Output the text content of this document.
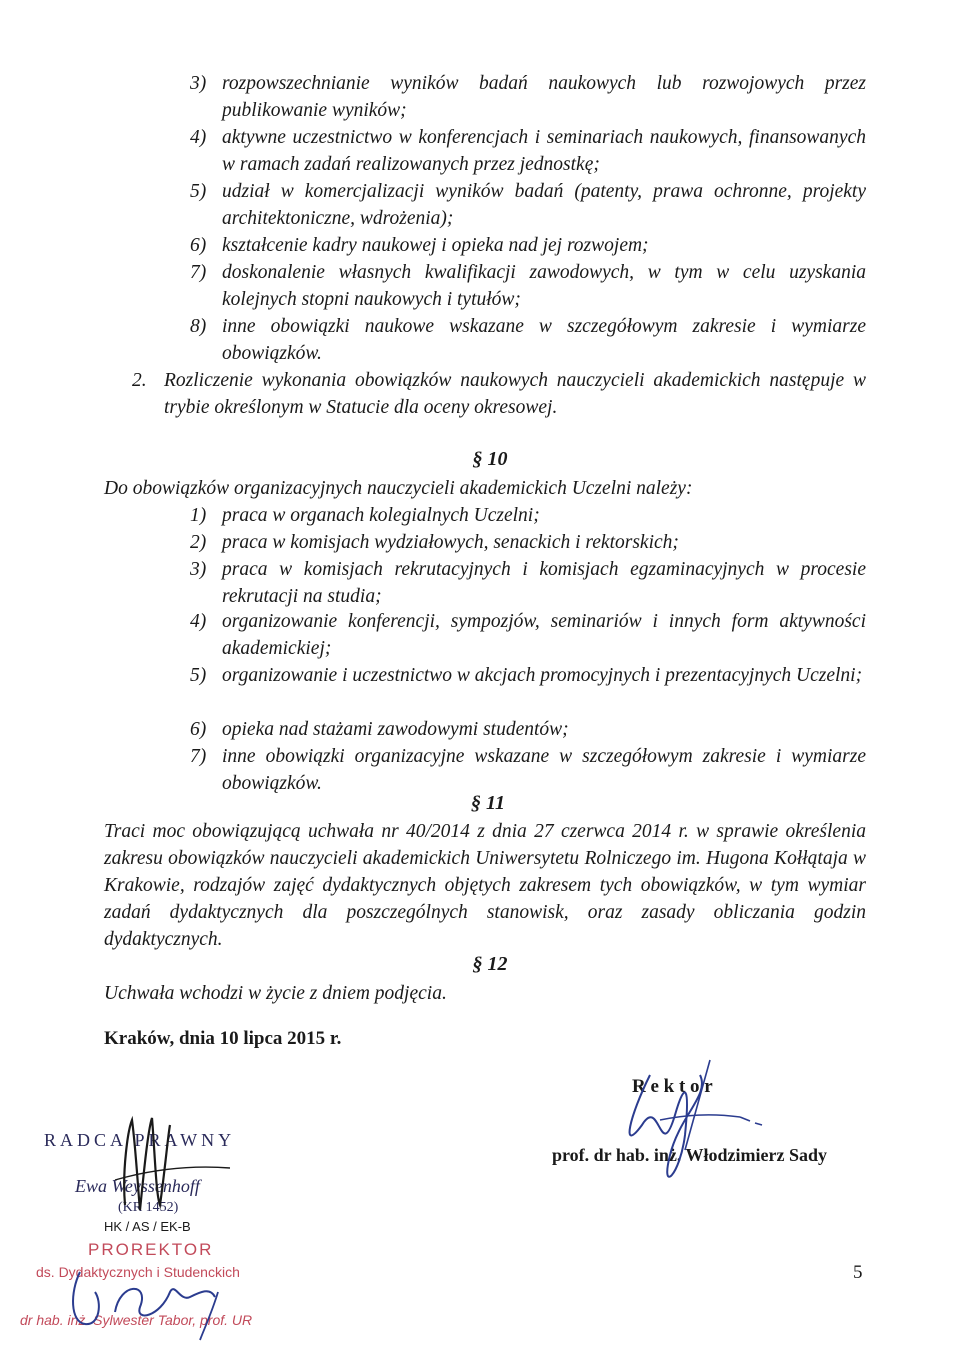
3) rozpowszechnianie wyników badań naukowych lub rozwojowych przez publikowanie wyników;
4) aktywne uczestnictwo w konferencjach i seminariach naukowych, finansowanych w ramach zadań realizowanych przez jednostkę;
5) udział w komercjalizacji wyników badań (patenty, prawa ochronne, projekty architektoniczne, wdrożenia);
6) kształcenie kadry naukowej i opieka nad jej rozwojem;
7) doskonalenie własnych kwalifikacji zawodowych, w tym w celu uzyskania kolejnych stopni naukowych i tytułów;
8) inne obowiązki naukowe wskazane w szczegółowym zakresie i wymiarze obowiązków.
2. Rozliczenie wykonania obowiązków naukowych nauczycieli akademickich następuje w trybie określonym w Statucie dla oceny okresowej.
§ 10
Do obowiązków organizacyjnych nauczycieli akademickich Uczelni należy:
1) praca w organach kolegialnych Uczelni;
2) praca w komisjach wydziałowych, senackich i rektorskich;
3) praca w komisjach rekrutacyjnych i komisjach egzaminacyjnych w procesie rekrutacji na studia;
4) organizowanie konferencji, sympozjów, seminariów i innych form aktywności akademickiej;
5) organizowanie i uczestnictwo w akcjach promocyjnych i prezentacyjnych Uczelni;
6) opieka nad stażami zawodowymi studentów;
7) inne obowiązki organizacyjne wskazane w szczegółowym zakresie i wymiarze obowiązków.
§ 11
Traci moc obowiązującą uchwała nr 40/2014 z dnia 27 czerwca 2014 r. w sprawie określenia zakresu obowiązków nauczycieli akademickich Uniwersytetu Rolniczego im. Hugona Kołłątaja w Krakowie, rodzajów zajęć dydaktycznych objętych zakresem tych obowiązków, w tym wymiar zadań dydaktycznych dla poszczególnych stanowisk, oraz zasady obliczania godzin dydaktycznych.
§ 12
Uchwała wchodzi w życie z dniem podjęcia.
Kraków, dnia 10 lipca 2015 r.
R e k t o r
prof. dr hab. inż. Włodzimierz Sady
RADCA PRAWNY
Ewa Weyssenhoff
(KR 1452)
HK / AS / EK-B
PROREKTOR
ds. Dydaktycznych i Studenckich
dr hab. inż. Sylwester Tabor, prof. UR
5
